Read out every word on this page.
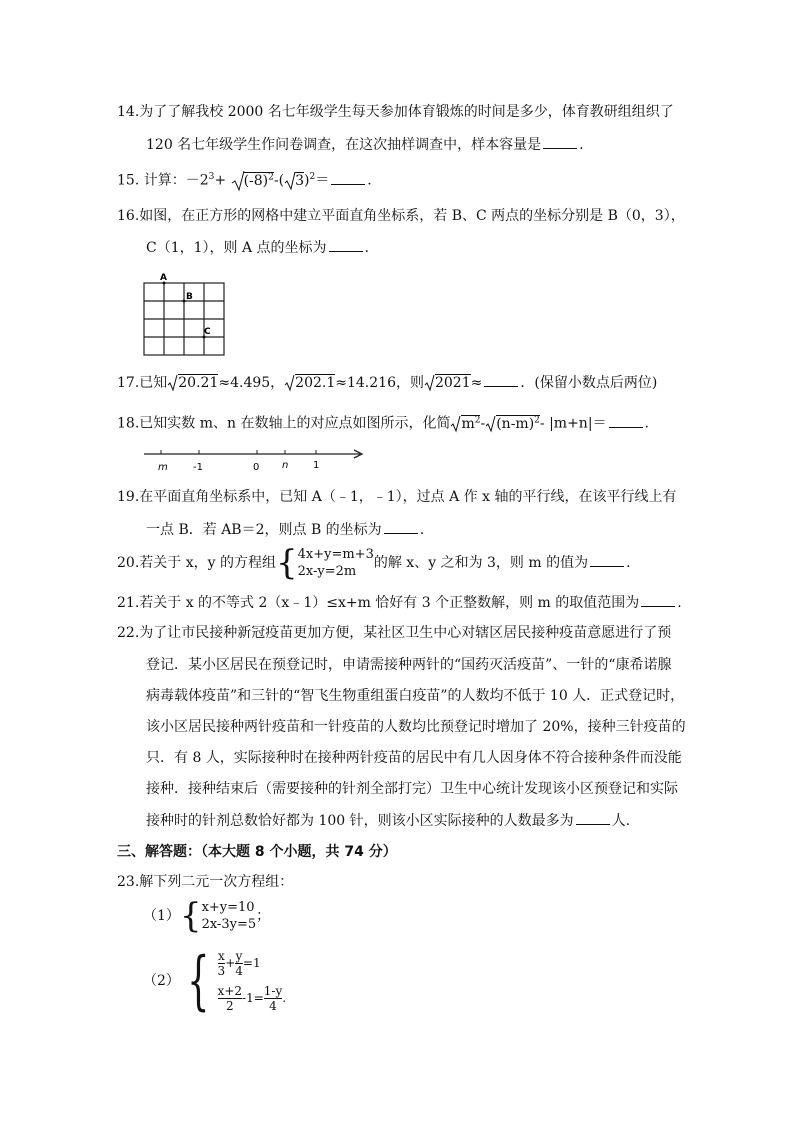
14.为了了解我校 2000 名七年级学生每天参加体育锻炼的时间是多少，体育教研组组织了
120 名七年级学生作问卷调查，在这次抽样调查中，样本容量是	.
15. 计算：$-2^3+ (-8)^2-$( 3)$^2$＝	.
16.如图，在正方形的网格中建立平面直角坐标系，若 B、C 两点的坐标分别是 B（0，3），
C（1，1），则 A 点的坐标为	.
A
B
C
17.已知 20.21≈4.495， 202.1≈14.216，则 2021≈	．(保留小数点后两位)
18.已知实数 m、n 在数轴上的对应点如图所示，化简 $m^2-$ $(n-m)^2-$ |m+n|＝	.
m	-1	0 n 1
19.在平面直角坐标系中，已知 A（﹣1，﹣1），过点 A 作 x 轴的平行线，在该平行线上有
一点 B．若 AB＝2，则点 B 的坐标为	.
20.若关于 x，y 的方程组{ 4x+y=m+3
2x-y=2m
的解 x、y 之和为 3，则 m 的值为	.
21.若关于 x 的不等式 2（x﹣1）≤x+m 恰好有 3 个正整数解，则 m 的取值范围为	.
22.为了让市民接种新冠疫苗更加方便，某社区卫生中心对辖区居民接种疫苗意愿进行了预
登记．某小区居民在预登记时，申请需接种两针的“国药灭活疫苗”、一针的“康希诺腺
病毒载体疫苗”和三针的“智飞生物重组蛋白疫苗”的人数均不低于 10 人．正式登记时，
该小区居民接种两针疫苗和一针疫苗的人数均比预登记时增加了 20%，接种三针疫苗的
只．有 8 人，实际接种时在接种两针疫苗的居民中有几人因身体不符合接种条件而没能
接种．接种结束后（需要接种的针剂全部打完）卫生中心统计发现该小区预登记和实际
接种时的针剂总数恰好都为 100 针，则该小区实际接种的人数最多为	人.
三、解答题：（本大题 8 个小题，共 74 分）
23.解下列二元一次方程组：
（1）{ x+y=10
2x-3y=5
；
（2） { $\frac{x}{3} + \frac{y}{4} =1$
$\frac{x+2}{2} -1= \frac{1-y}{4}$ .
